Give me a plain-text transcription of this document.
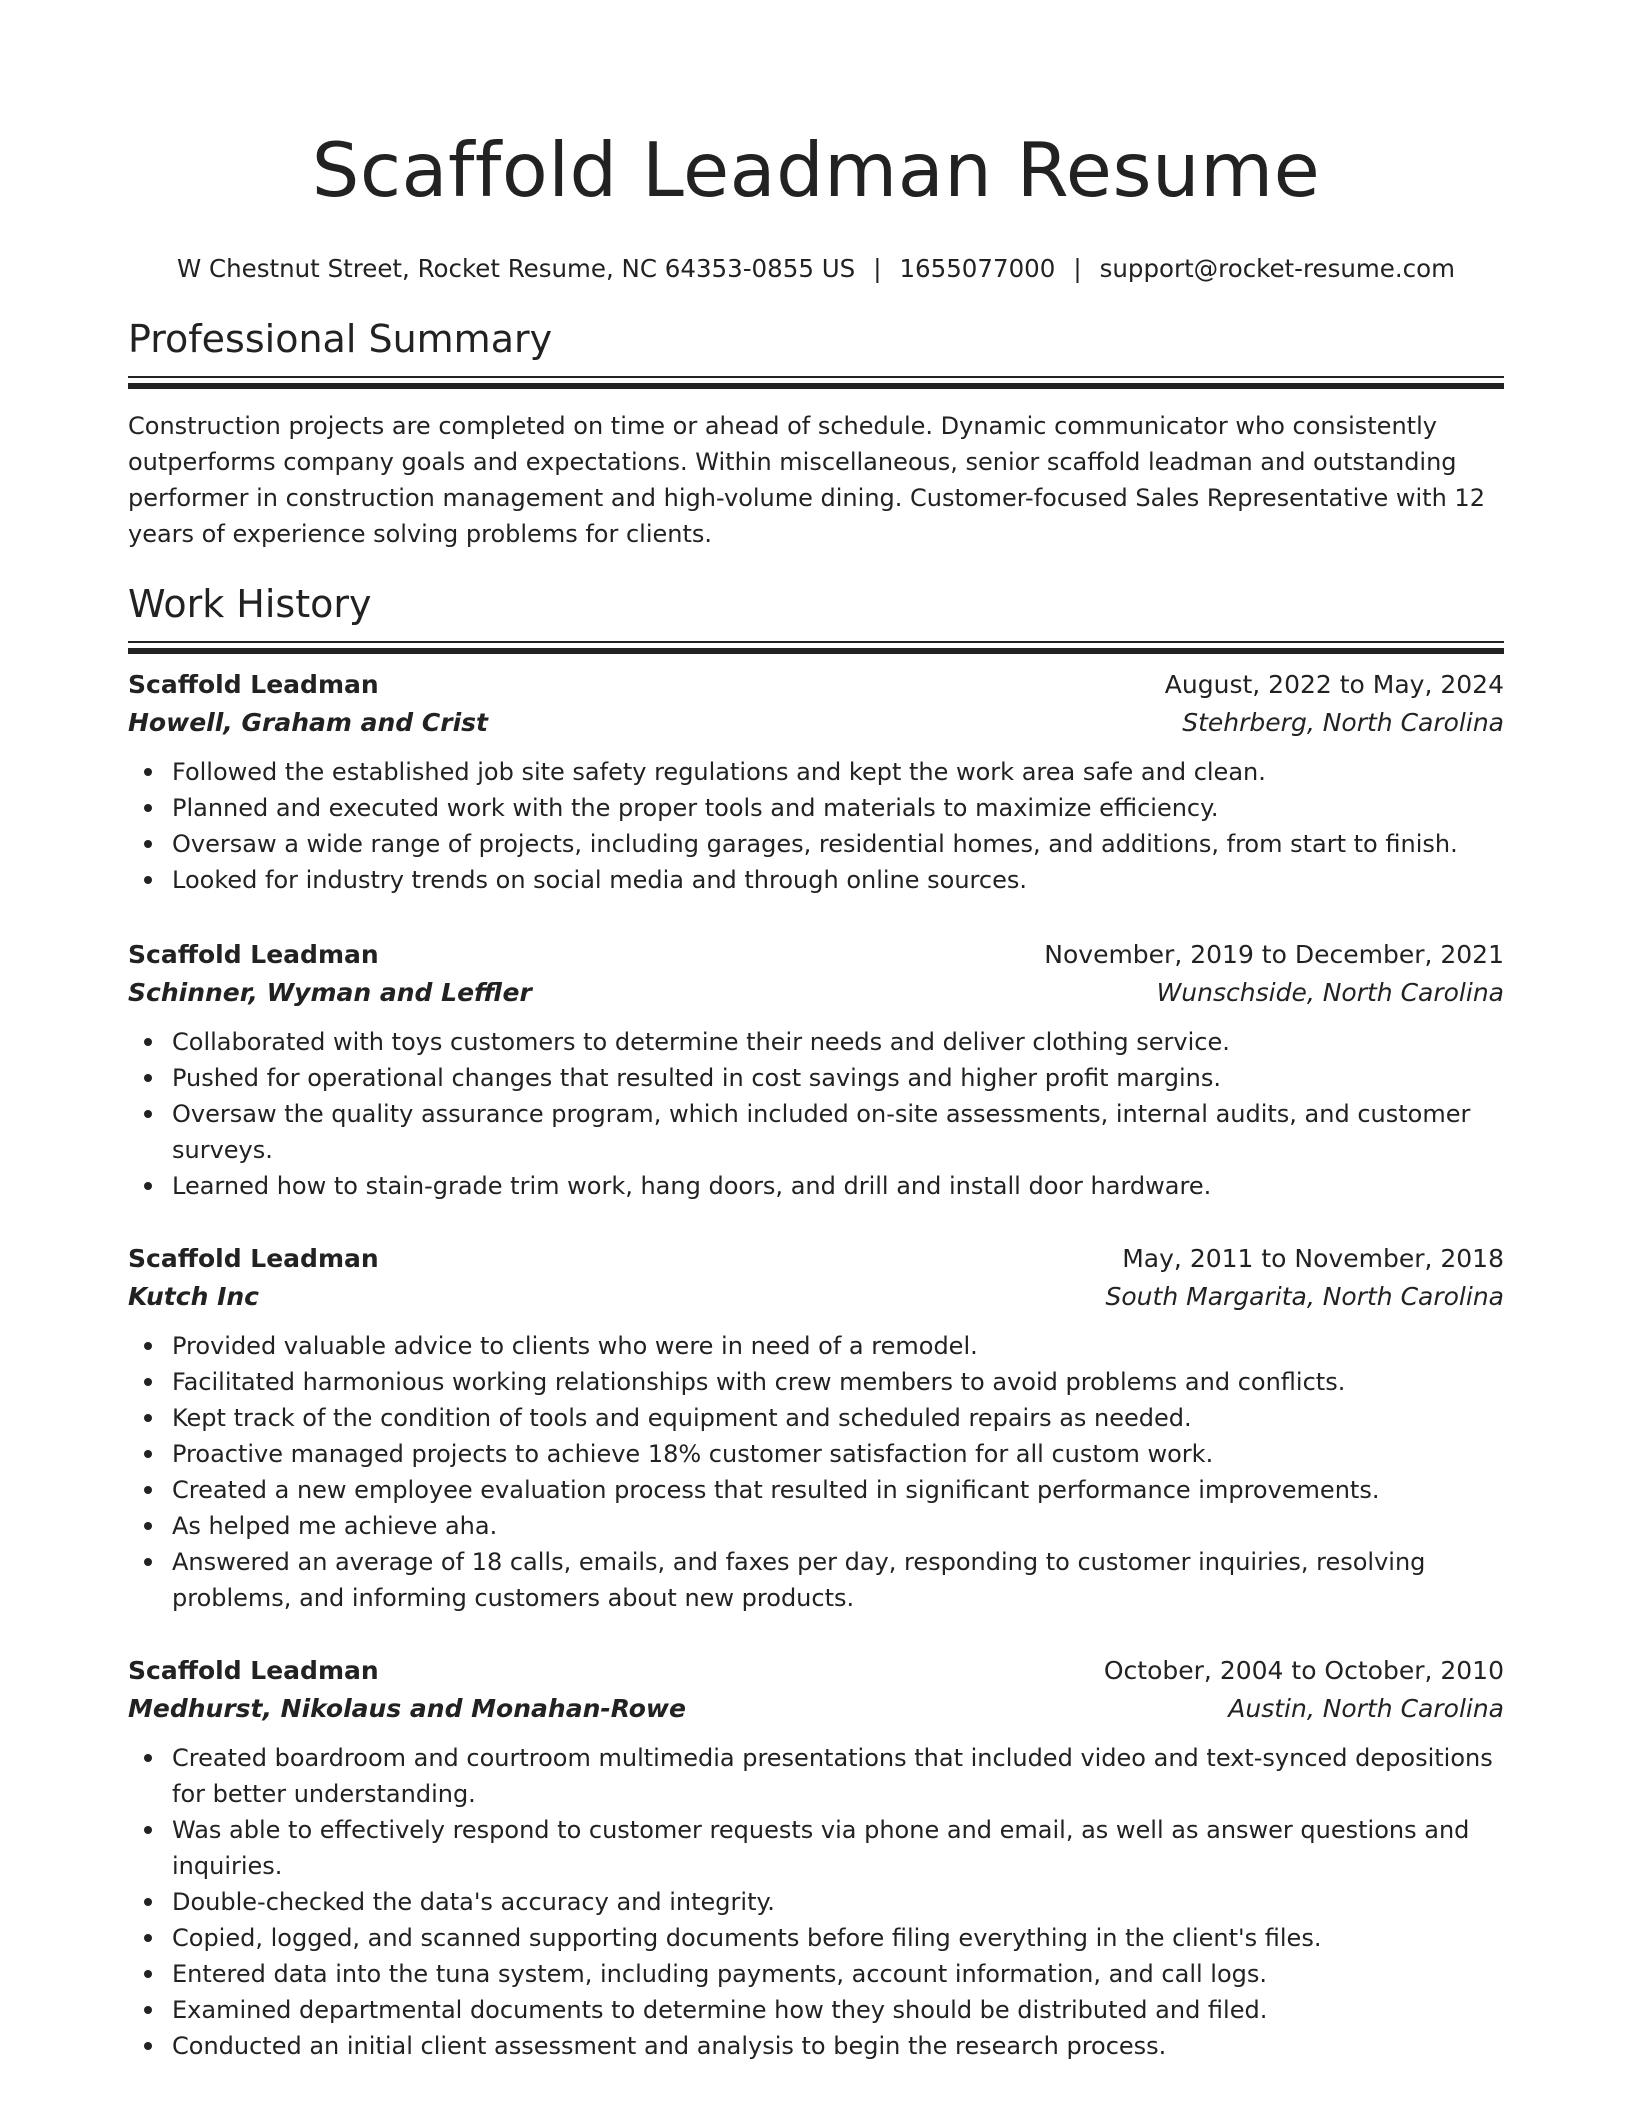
Scaffold Leadman Resume
W Chestnut Street, Rocket Resume, NC 64353-0855 US | 1655077000 | support@rocket-resume.com
Professional Summary

Construction projects are completed on time or ahead of schedule. Dynamic communicator who consistently outperforms company goals and expectations. Within miscellaneous, senior scaffold leadman and outstanding performer in construction management and high-volume dining. Customer-focused Sales Representative with 12 years of experience solving problems for clients.

Work History
Scaffold Leadman	August, 2022 to May, 2024
Howell, Graham and Crist	Stehrberg, North Carolina
Followed the established job site safety regulations and kept the work area safe and clean.
Planned and executed work with the proper tools and materials to maximize efficiency.
Oversaw a wide range of projects, including garages, residential homes, and additions, from start to finish.
Looked for industry trends on social media and through online sources.
Scaffold Leadman	November, 2019 to December, 2021
Schinner, Wyman and Leffler	Wunschside, North Carolina
Collaborated with toys customers to determine their needs and deliver clothing service.
Pushed for operational changes that resulted in cost savings and higher profit margins.
Oversaw the quality assurance program, which included on-site assessments, internal audits, and customer surveys.
Learned how to stain-grade trim work, hang doors, and drill and install door hardware.
Scaffold Leadman	May, 2011 to November, 2018
Kutch Inc	South Margarita, North Carolina
Provided valuable advice to clients who were in need of a remodel.
Facilitated harmonious working relationships with crew members to avoid problems and conflicts.
Kept track of the condition of tools and equipment and scheduled repairs as needed.
Proactive managed projects to achieve 18% customer satisfaction for all custom work.
Created a new employee evaluation process that resulted in significant performance improvements.
As helped me achieve aha.
Answered an average of 18 calls, emails, and faxes per day, responding to customer inquiries, resolving problems, and informing customers about new products.
Scaffold Leadman	October, 2004 to October, 2010
Medhurst, Nikolaus and Monahan-Rowe	Austin, North Carolina
Created boardroom and courtroom multimedia presentations that included video and text-synced depositions for better understanding.
Was able to effectively respond to customer requests via phone and email, as well as answer questions and inquiries.
Double-checked the data's accuracy and integrity.
Copied, logged, and scanned supporting documents before filing everything in the client's files.
Entered data into the tuna system, including payments, account information, and call logs.
Examined departmental documents to determine how they should be distributed and filed.
Conducted an initial client assessment and analysis to begin the research process.
